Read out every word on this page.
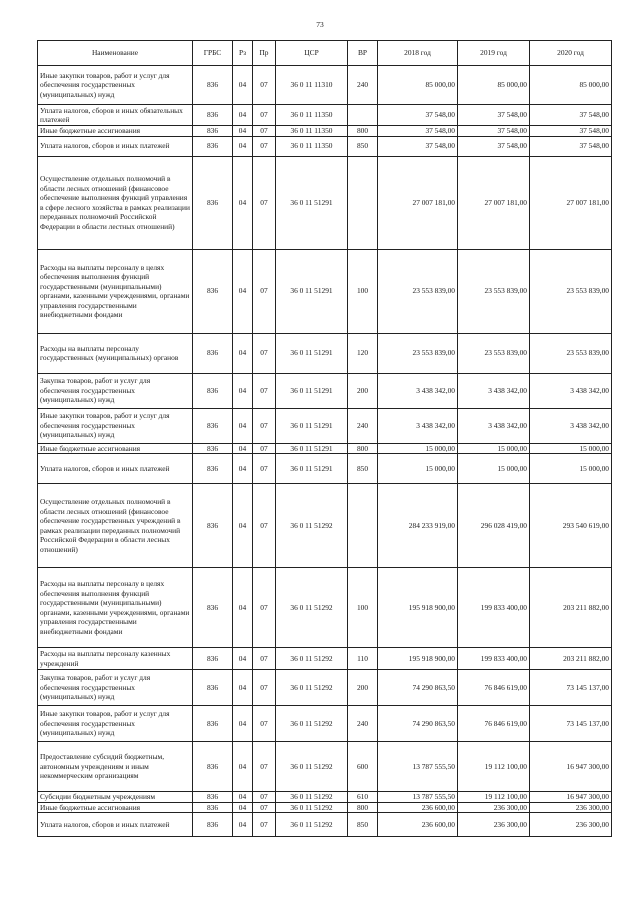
73
Наименование	ГРБС	Рз	Пр	ЦСР	ВР	2018 год	2019 год	2020 год
Иные закупки товаров, работ и услуг для обеспечения государственных (муниципальных) нужд	836	04	07	36 0 11 11310	240	85 000,00	85 000,00	85 000,00
Уплата налогов, сборов и иных обязательных платежей	836	04	07	36 0 11 11350		37 548,00	37 548,00	37 548,00
Иные бюджетные ассигнования	836	04	07	36 0 11 11350	800	37 548,00	37 548,00	37 548,00
Уплата налогов, сборов и иных платежей	836	04	07	36 0 11 11350	850	37 548,00	37 548,00	37 548,00
Осуществление отдельных полномочий в области лесных отношений (финансовое обеспечение выполнения функций управления в сфере лесного хозяйства в рамках реализации переданных полномочий Российской Федерации в области лестных отношений)	836	04	07	36 0 11 51291		27 007 181,00	27 007 181,00	27 007 181,00
Расходы на выплаты персоналу в целях обеспечения выполнения функций государственными (муниципальными) органами, казенными учреждениями, органами управления государственными внебюджетными фондами	836	04	07	36 0 11 51291	100	23 553 839,00	23 553 839,00	23 553 839,00
Расходы на выплаты персоналу государственных (муниципальных) органов	836	04	07	36 0 11 51291	120	23 553 839,00	23 553 839,00	23 553 839,00
Закупка товаров, работ и услуг для обеспечения государственных (муниципальных) нужд	836	04	07	36 0 11 51291	200	3 438 342,00	3 438 342,00	3 438 342,00
Иные закупки товаров, работ и услуг для обеспечения государственных (муниципальных) нужд	836	04	07	36 0 11 51291	240	3 438 342,00	3 438 342,00	3 438 342,00
Иные бюджетные ассигнования	836	04	07	36 0 11 51291	800	15 000,00	15 000,00	15 000,00
Уплата налогов, сборов и иных платежей	836	04	07	36 0 11 51291	850	15 000,00	15 000,00	15 000,00
Осуществление отдельных полномочий в области лесных отношений (финансовое обеспечение государственных учреждений в рамках реализации переданных полномочий Российской Федерации в области лесных отношений)	836	04	07	36 0 11 51292		284 233 919,00	296 028 419,00	293 540 619,00
Расходы на выплаты персоналу в целях обеспечения выполнения функций государственными (муниципальными) органами, казенными учреждениями, органами управления государственными внебюджетными фондами	836	04	07	36 0 11 51292	100	195 918 900,00	199 833 400,00	203 211 882,00
Расходы на выплаты персоналу казенных учреждений	836	04	07	36 0 11 51292	110	195 918 900,00	199 833 400,00	203 211 882,00
Закупка товаров, работ и услуг для обеспечения государственных (муниципальных) нужд	836	04	07	36 0 11 51292	200	74 290 863,50	76 846 619,00	73 145 137,00
Иные закупки товаров, работ и услуг для обеспечения государственных (муниципальных) нужд	836	04	07	36 0 11 51292	240	74 290 863,50	76 846 619,00	73 145 137,00
Предоставление субсидий бюджетным, автономным учреждениям и иным некоммерческим организациям	836	04	07	36 0 11 51292	600	13 787 555,50	19 112 100,00	16 947 300,00
Субсидии бюджетным учреждениям	836	04	07	36 0 11 51292	610	13 787 555,50	19 112 100,00	16 947 300,00
Иные бюджетные ассигнования	836	04	07	36 0 11 51292	800	236 600,00	236 300,00	236 300,00
Уплата налогов, сборов и иных платежей	836	04	07	36 0 11 51292	850	236 600,00	236 300,00	236 300,00
